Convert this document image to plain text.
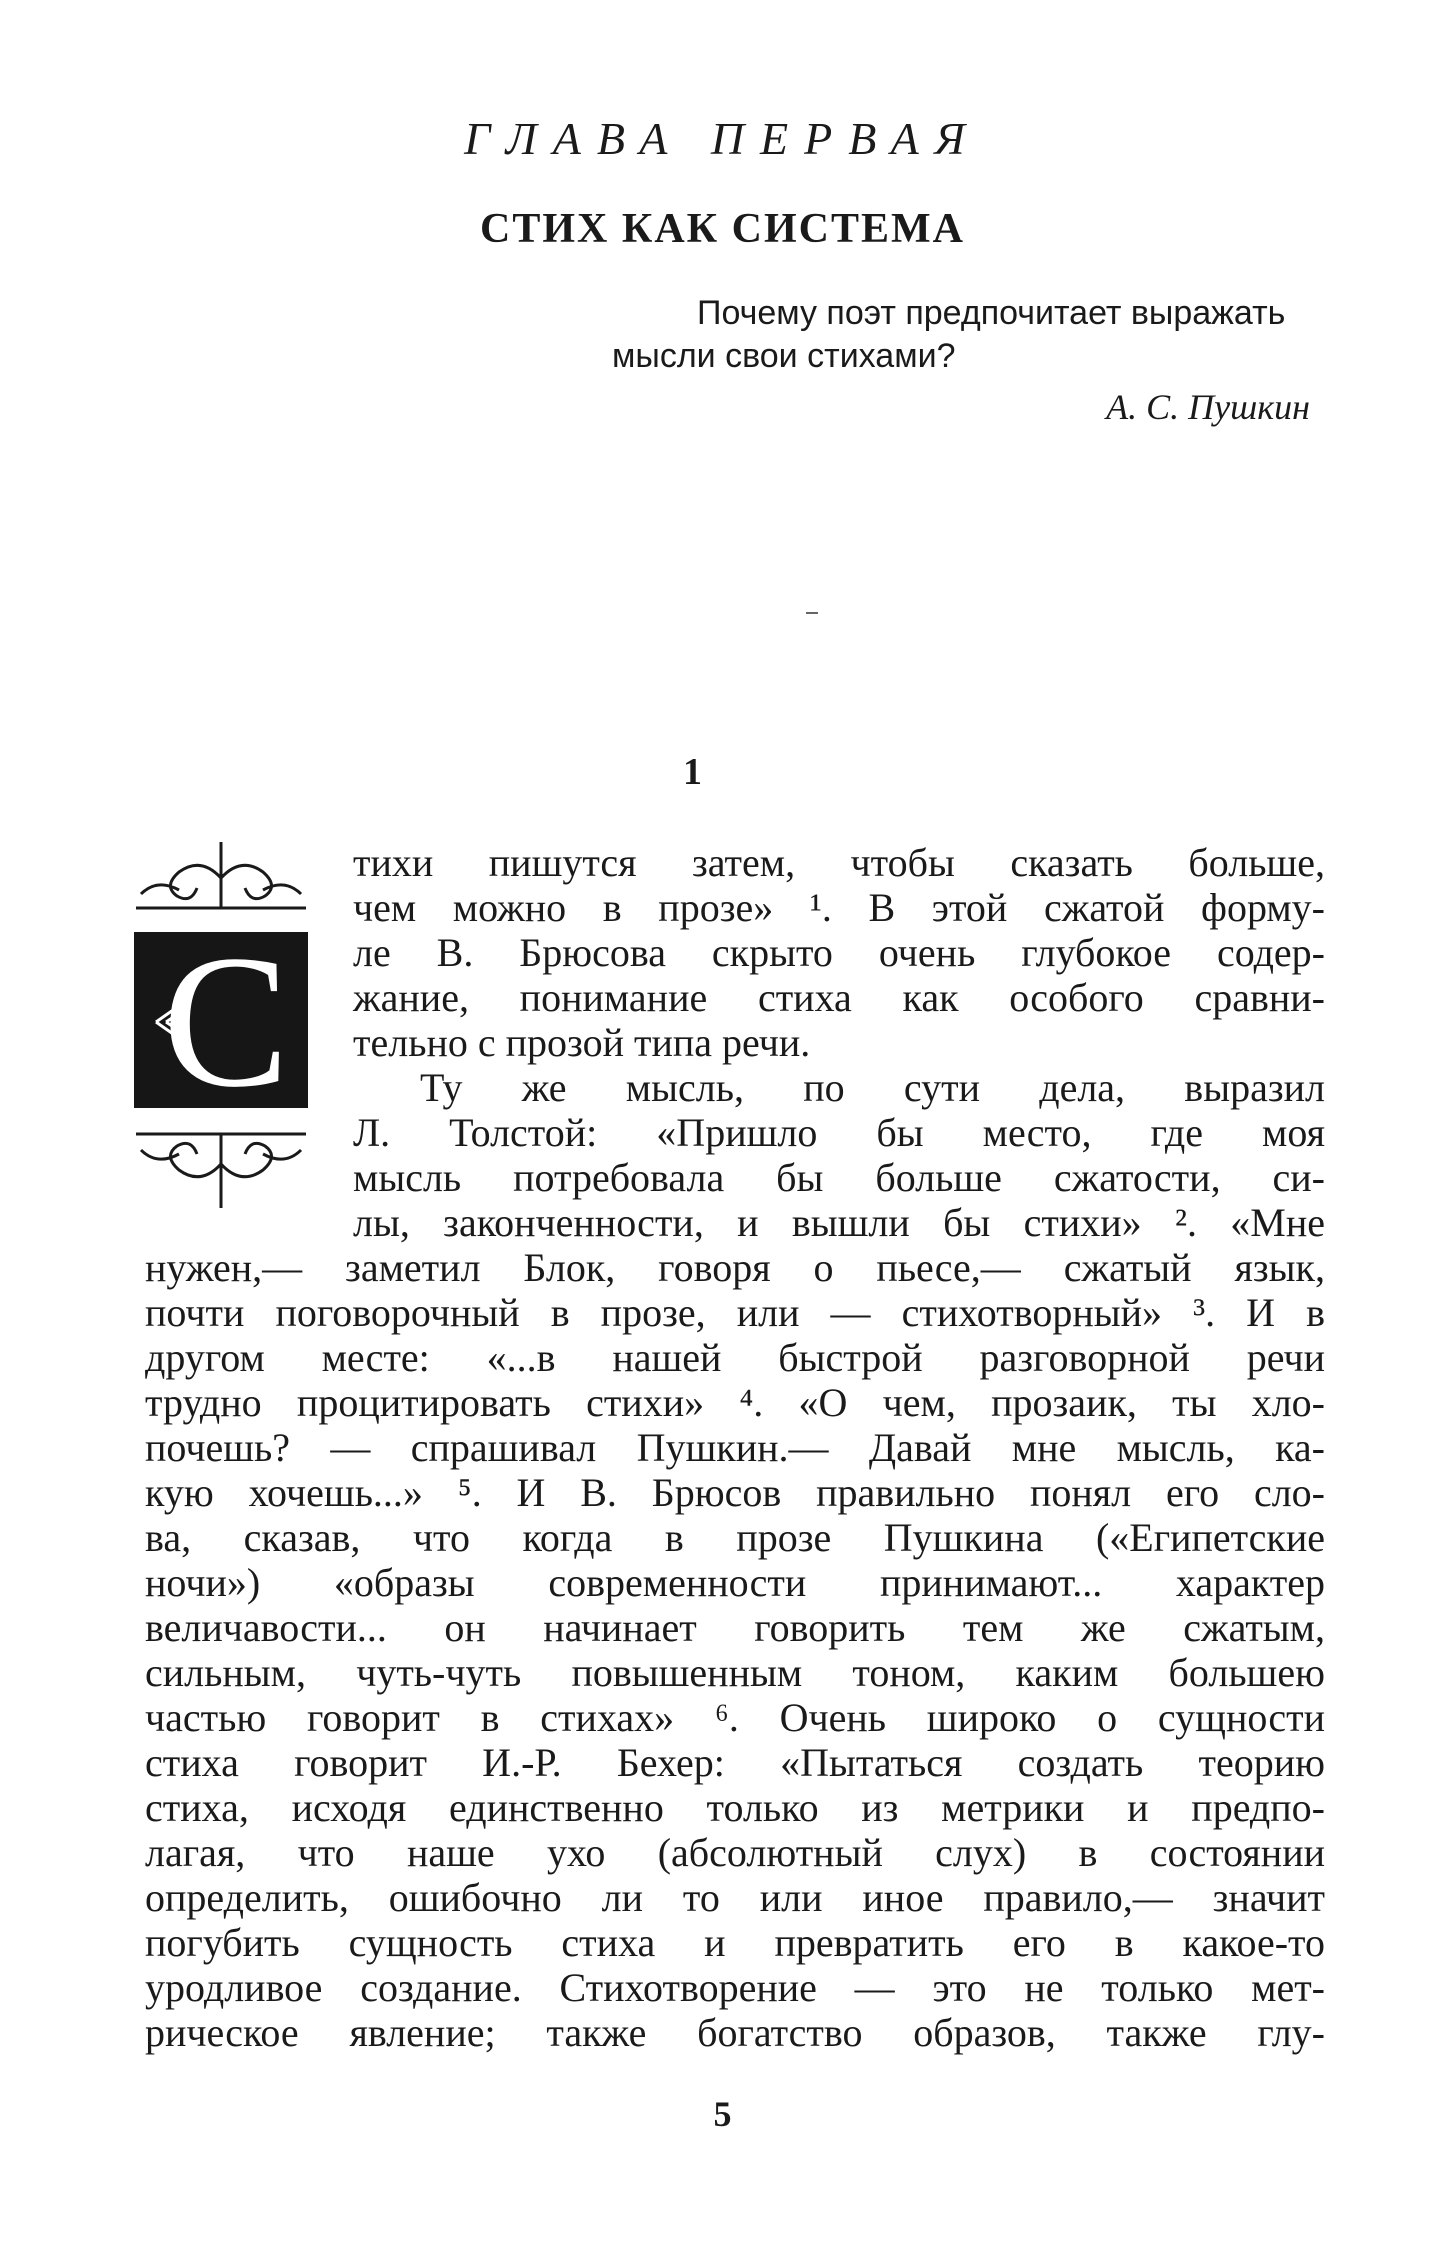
ГЛАВА ПЕРВАЯ
СТИХ КАК СИСТЕМА
Почему поэт предпочитает выражать
мысли свои стихами?
А. С. Пушкин
1
С
тихи пишутся затем, чтобы сказать больше,
чем можно в прозе» ¹. В этой сжатой форму-
ле В. Брюсова скрыто очень глубокое содер-
жание, понимание стиха как особого сравни-
тельно с прозой типа речи.
Ту же мысль, по сути дела, выразил
Л. Толстой: «Пришло бы место, где моя
мысль потребовала бы больше сжатости, си-
лы, законченности, и вышли бы стихи» ². «Мне
нужен,— заметил Блок, говоря о пьесе,— сжатый язык,
почти поговорочный в прозе, или — стихотворный» ³. И в
другом месте: «...в нашей быстрой разговорной речи
трудно процитировать стихи» ⁴. «О чем, прозаик, ты хло-
почешь? — спрашивал Пушкин.— Давай мне мысль, ка-
кую хочешь...» ⁵. И В. Брюсов правильно понял его сло-
ва, сказав, что когда в прозе Пушкина («Египетские
ночи») «образы современности принимают... характер
величавости... он начинает говорить тем же сжатым,
сильным, чуть-чуть повышенным тоном, каким большею
частью говорит в стихах» ⁶. Очень широко о сущности
стиха говорит И.-Р. Бехер: «Пытаться создать теорию
стиха, исходя единственно только из метрики и предпо-
лагая, что наше ухо (абсолютный слух) в состоянии
определить, ошибочно ли то или иное правило,— значит
погубить сущность стиха и превратить его в какое-то
уродливое создание. Стихотворение — это не только мет-
рическое явление; также богатство образов, также глу-
5
